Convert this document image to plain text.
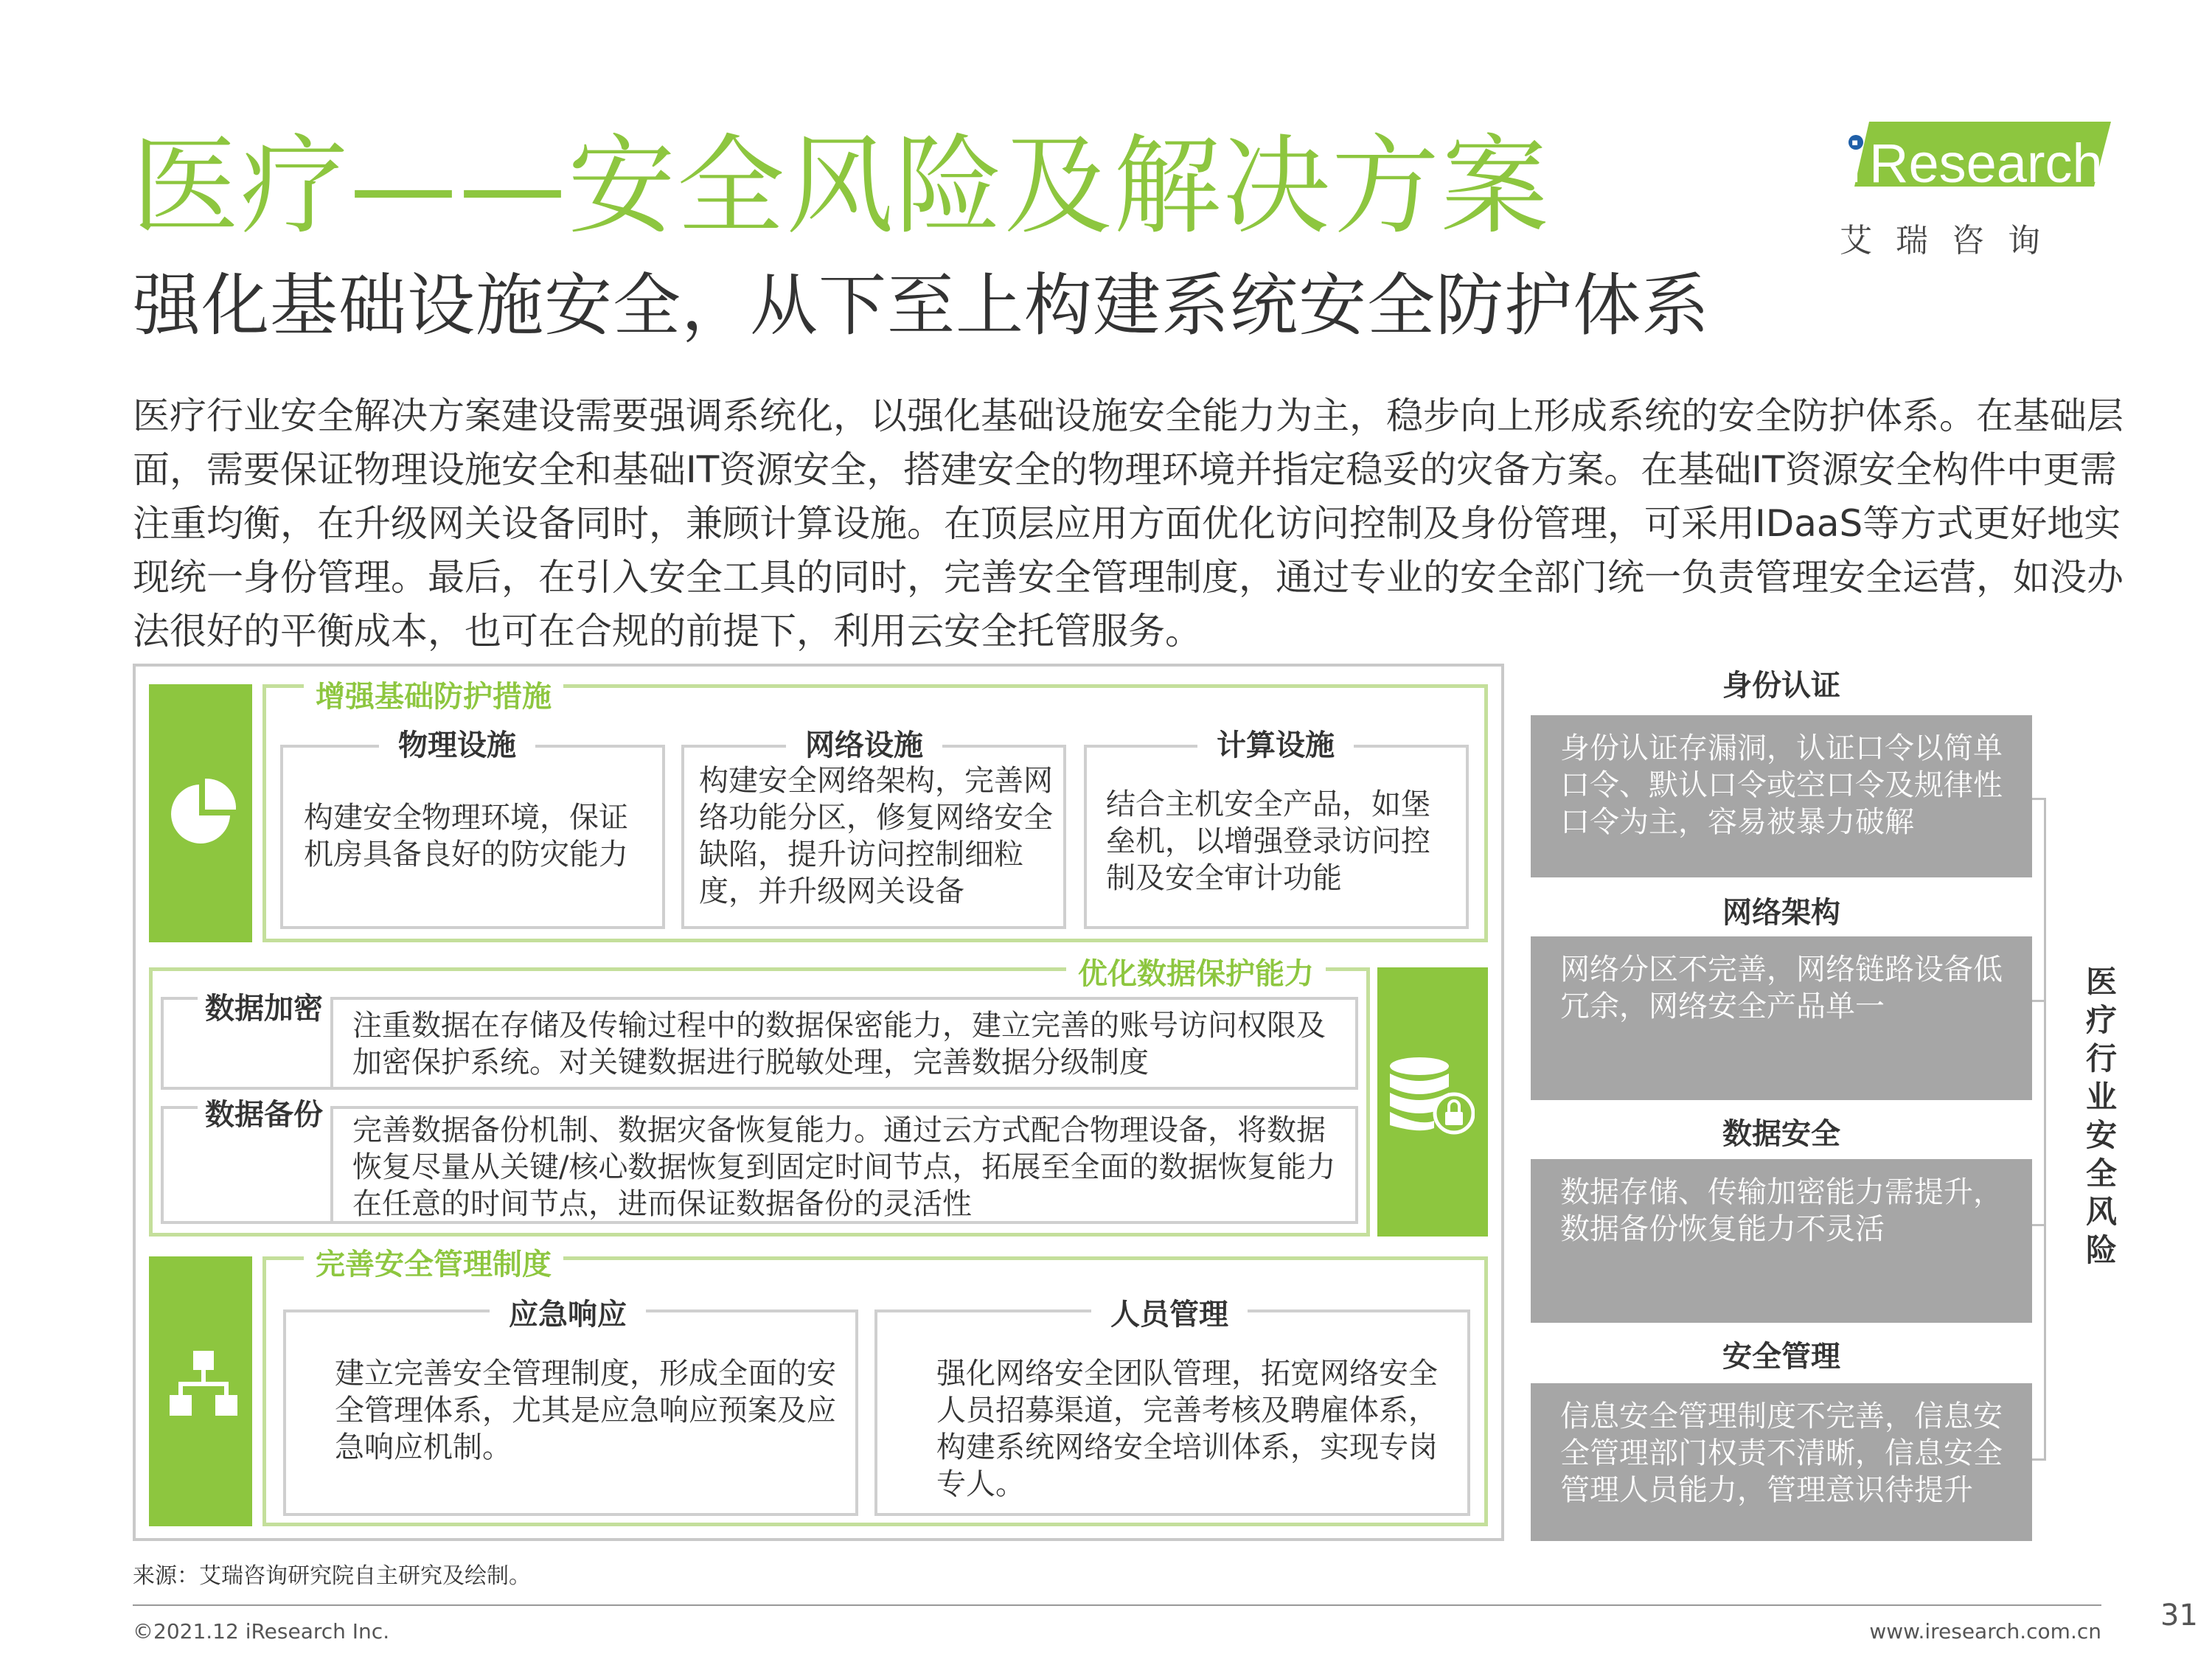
医疗——安全风险及解决方案
强化基础设施安全，从下至上构建系统安全防护体系
医疗行业安全解决方案建设需要强调系统化，以强化基础设施安全能力为主，稳步向上形成系统的安全防护体系。在基础层面，需要保证物理设施安全和基础IT资源安全，搭建安全的物理环境并指定稳妥的灾备方案。在基础IT资源安全构件中更需注重均衡，在升级网关设备同时，兼顾计算设施。在顶层应用方面优化访问控制及身份管理，可采用IDaaS等方式更好地实现统一身份管理。最后，在引入安全工具的同时，完善安全管理制度，通过专业的安全部门统一负责管理安全运营，如没办法很好的平衡成本，也可在合规的前提下，利用云安全托管服务。
i Research
艾瑞咨询
增强基础防护措施
构建安全物理环境，保证机房具备良好的防灾能力
物理设施
构建安全网络架构，完善网络功能分区，修复网络安全缺陷，提升访问控制细粒度，并升级网关设备
网络设施
结合主机安全产品，如堡垒机，以增强登录访问控制及安全审计功能
计算设施
优化数据保护能力
数据加密 注重数据在存储及传输过程中的数据保密能力，建立完善的账号访问权限及加密保护系统。对关键数据进行脱敏处理，完善数据分级制度
数据备份 完善数据备份机制、数据灾备恢复能力。通过云方式配合物理设备，将数据恢复尽量从关键/核心数据恢复到固定时间节点，拓展至全面的数据恢复能力在任意的时间节点，进而保证数据备份的灵活性
完善安全管理制度
建立完善安全管理制度，形成全面的安全管理体系，尤其是应急响应预案及应急响应机制。
应急响应
强化网络安全团队管理，拓宽网络安全人员招募渠道，完善考核及聘雇体系，构建系统网络安全培训体系，实现专岗专人。
人员管理
身份认证
身份认证存漏洞，认证口令以简单口令、默认口令或空口令及规律性口令为主，容易被暴力破解
网络架构
网络分区不完善，网络链路设备低冗余，网络安全产品单一
数据安全
数据存储、传输加密能力需提升，数据备份恢复能力不灵活
安全管理
信息安全管理制度不完善，信息安全管理部门权责不清晰，信息安全管理人员能力，管理意识待提升
医疗行业安全风险
来源：艾瑞咨询研究院自主研究及绘制。
©2021.12 iResearch Inc.	www.iresearch.com.cn 31
